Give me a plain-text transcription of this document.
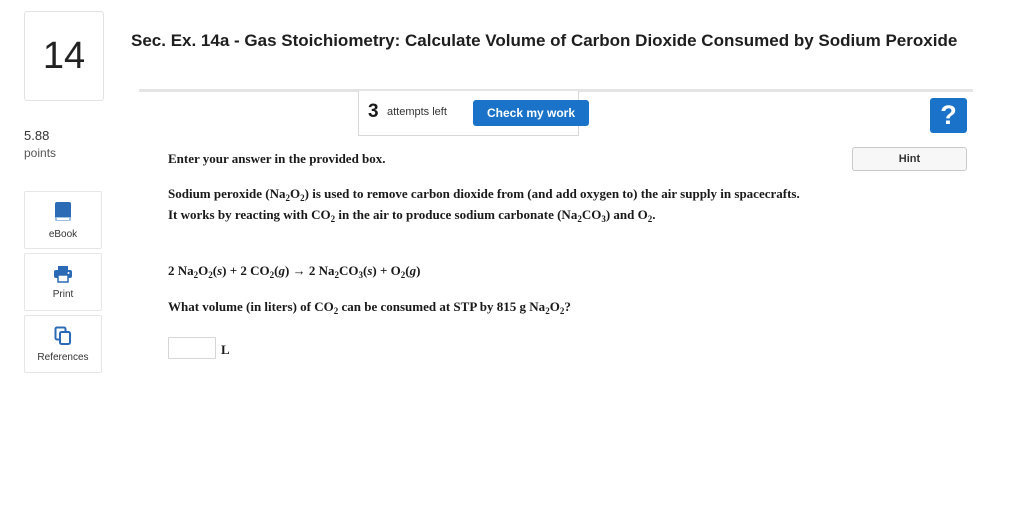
14
5.88
points
eBook
Print
References
Sec. Ex. 14a - Gas Stoichiometry: Calculate Volume of Carbon Dioxide Consumed by Sodium Peroxide
3 attempts left	Check my work	?
Hint
Enter your answer in the provided box.
Sodium peroxide $(Na_2O_2)$ is used to remove carbon dioxide from (and add oxygen to) the air supply in spacecrafts. It works by reacting with $CO_2$ in the air to produce sodium carbonate $(Na_2CO_3)$ and $O_2$.
2 $Na_2O_2(s) + 2$ $CO_2(g) \to 2$ $Na_2CO_3(s) + O_2(g)$
What volume (in liters) of $CO_2$ can be consumed at STP by 815 g $Na_2O_2$?
L
